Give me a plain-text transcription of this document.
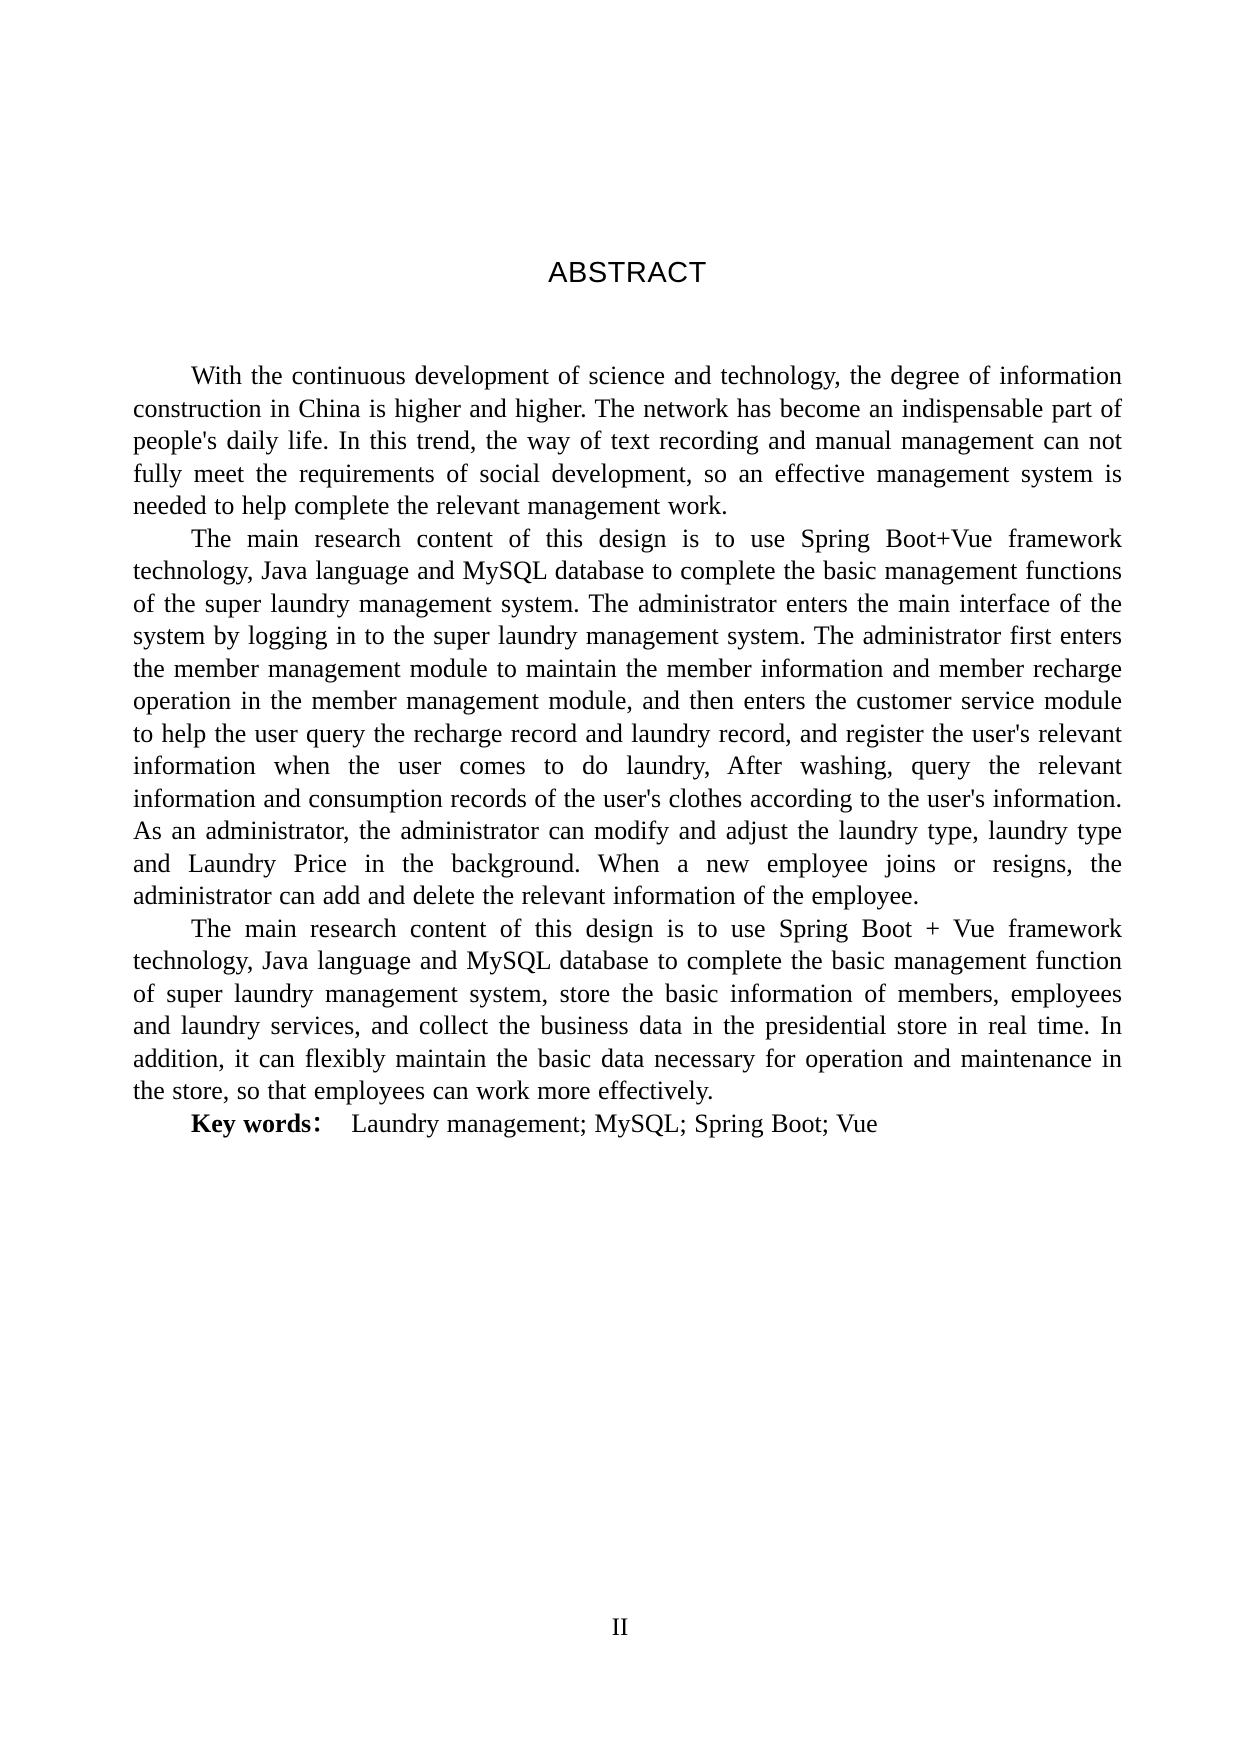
ABSTRACT

With the continuous development of science and technology, the degree of information construction in China is higher and higher. The network has become an indispensable part of people's daily life. In this trend, the way of text recording and manual management can not fully meet the requirements of social development, so an effective management system is needed to help complete the relevant management work.

The main research content of this design is to use Spring Boot+Vue framework technology, Java language and MySQL database to complete the basic management functions of the super laundry management system. The administrator enters the main interface of the system by logging in to the super laundry management system. The administrator first enters the member management module to maintain the member information and member recharge operation in the member management module, and then enters the customer service module to help the user query the recharge record and laundry record, and register the user's relevant information when the user comes to do laundry, After washing, query the relevant information and consumption records of the user's clothes according to the user's information. As an administrator, the administrator can modify and adjust the laundry type, laundry type and Laundry Price in the background. When a new employee joins or resigns, the administrator can add and delete the relevant information of the employee.

The main research content of this design is to use Spring Boot + Vue framework technology, Java language and MySQL database to complete the basic management function of super laundry management system, store the basic information of members, employees and laundry services, and collect the business data in the presidential store in real time. In addition, it can flexibly maintain the basic data necessary for operation and maintenance in the store, so that employees can work more effectively.

Key words： Laundry management; MySQL; Spring Boot; Vue

II
